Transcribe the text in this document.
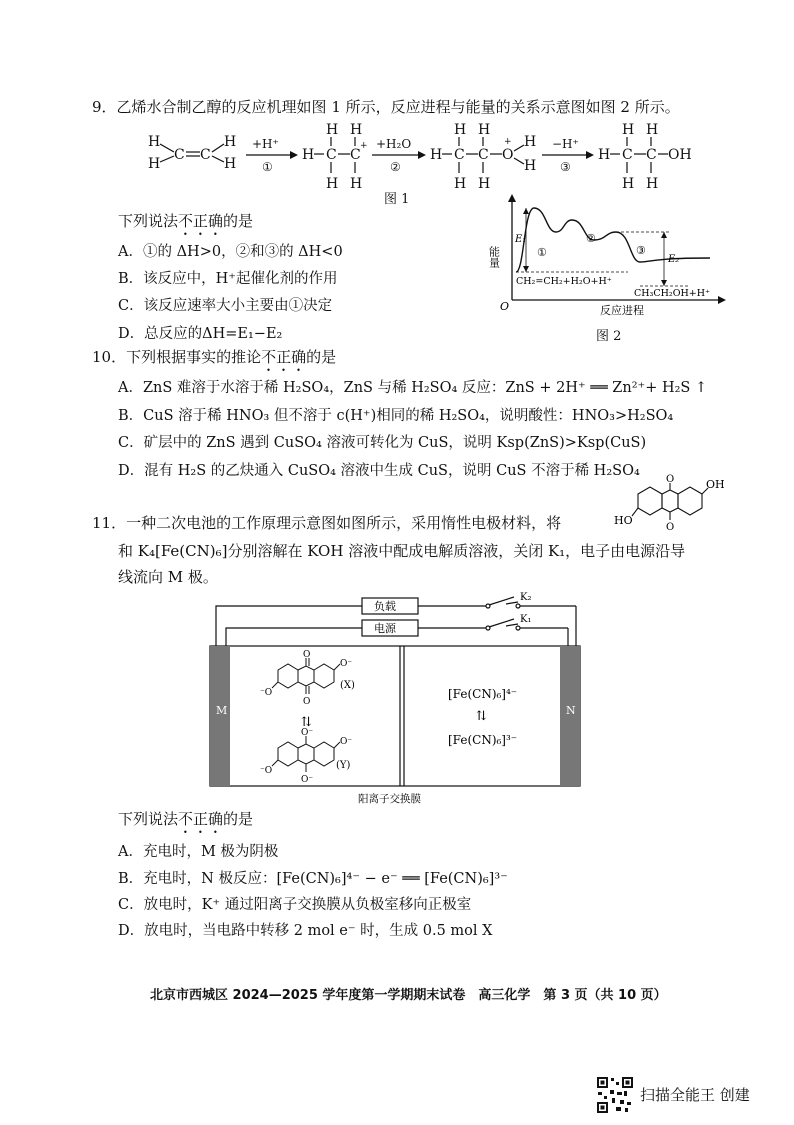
9．乙烯水合制乙醇的反应机理如图 1 所示，反应进程与能量的关系示意图如图 2 所示。
H
H
C C
H
H
+H⁺
①
H C
H
H
C
+
H
H
+H₂O
②
H C
H
H
C
H
H
O
+ H
H
−H⁺
③
H C
H
H
C
H
H
OH
图 1
下列说法不正确的是
A．①的 ΔH>0，②和③的 ΔH<0
B．该反应中，H⁺起催化剂的作用
C．该反应速率大小主要由①决定
D．总反应的ΔH=E₁−E₂
O
能量
反应进程
E₁
①
②
③
E₂
CH₂=CH₂+H₂O+H⁺
CH₃CH₂OH+H⁺
图 2
10．下列根据事实的推论不正确的是
A．ZnS 难溶于水溶于稀 H₂SO₄，ZnS 与稀 H₂SO₄ 反应：ZnS + 2H⁺ ══ Zn²⁺+ H₂S ↑
B．CuS 溶于稀 HNO₃ 但不溶于 c(H⁺)相同的稀 H₂SO₄，说明酸性：HNO₃>H₂SO₄
C．矿层中的 ZnS 遇到 CuSO₄ 溶液可转化为 CuS，说明 Ksp(ZnS)>Ksp(CuS)
D．混有 H₂S 的乙炔通入 CuSO₄ 溶液中生成 CuS，说明 CuS 不溶于稀 H₂SO₄
11．一种二次电池的工作原理示意图如图所示，采用惰性电极材料，将
和 K₄[Fe(CN)₆]分别溶解在 KOH 溶液中配成电解质溶液，关闭 K₁，电子由电源沿导
线流向 M 极。
O
O
HO
OH
M	N
负载
电源
K₂
K₁
O
O
⁻O
O⁻
(X)
⇅
O⁻
O⁻
⁻O
O⁻
(Y)
[Fe(CN)₆]⁴⁻
⇅
[Fe(CN)₆]³⁻
阳离子交换膜
下列说法不正确的是
A．充电时，M 极为阴极
B．充电时，N 极反应：[Fe(CN)₆]⁴⁻ − e⁻ ══ [Fe(CN)₆]³⁻
C．放电时，K⁺ 通过阳离子交换膜从负极室移向正极室
D．放电时，当电路中转移 2 mol e⁻ 时，生成 0.5 mol X
北京市西城区 2024—2025 学年度第一学期期末试卷　高三化学　第 3 页（共 10 页）
扫描全能王 创建
